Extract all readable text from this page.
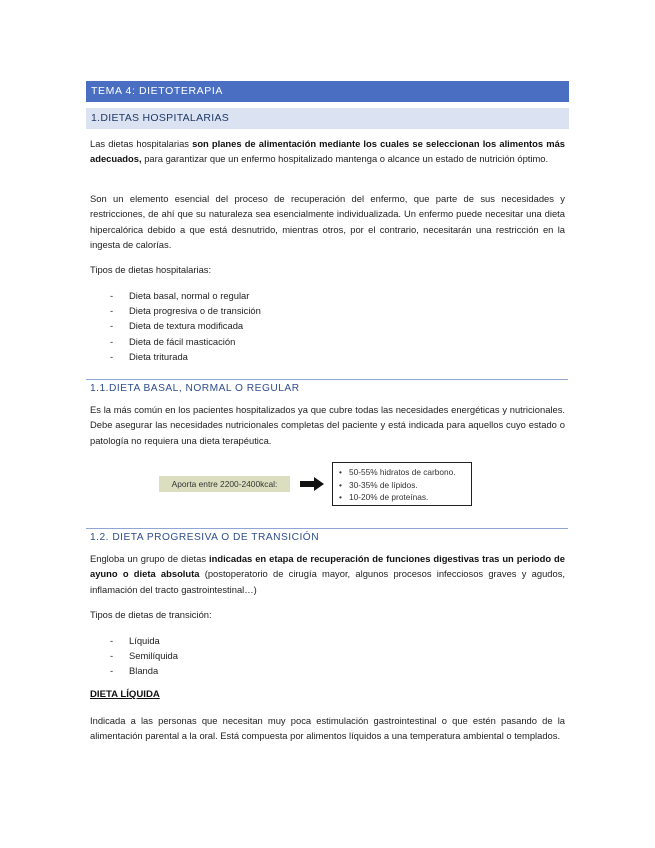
TEMA 4: DIETOTERAPIA
1.DIETAS HOSPITALARIAS

Las dietas hospitalarias son planes de alimentación mediante los cuales se seleccionan los alimentos más adecuados, para garantizar que un enfermo hospitalizado mantenga o alcance un estado de nutrición óptimo.

Son un elemento esencial del proceso de recuperación del enfermo, que parte de sus necesidades y restricciones, de ahí que su naturaleza sea esencialmente individualizada. Un enfermo puede necesitar una dieta hipercalórica debido a que está desnutrido, mientras otros, por el contrario, necesitarán una restricción en la ingesta de calorías.

Tipos de dietas hospitalarias:

- Dieta basal, normal o regular
- Dieta progresiva o de transición
- Dieta de textura modificada
- Dieta de fácil masticación
- Dieta triturada
1.1.DIETA BASAL, NORMAL O REGULAR

Es la más común en los pacientes hospitalizados ya que cubre todas las necesidades energéticas y nutricionales. Debe asegurar las necesidades nutricionales completas del paciente y está indicada para aquellos cuyo estado o patología no requiera una dieta terapéutica.

Aporta entre 2200-2400kcal:
• 50-55% hidratos de carbono.
• 30-35% de lípidos.
• 10-20% de proteínas.
1.2. DIETA PROGRESIVA O DE TRANSICIÓN

Engloba un grupo de dietas indicadas en etapa de recuperación de funciones digestivas tras un periodo de ayuno o dieta absoluta (postoperatorio de cirugía mayor, algunos procesos infecciosos graves y agudos, inflamación del tracto gastrointestinal…)

Tipos de dietas de transición:

- Líquida
- Semilíquida
- Blanda
DIETA LÍQUIDA

Indicada a las personas que necesitan muy poca estimulación gastrointestinal o que estén pasando de la alimentación parental a la oral. Está compuesta por alimentos líquidos a una temperatura ambiental o templados.
